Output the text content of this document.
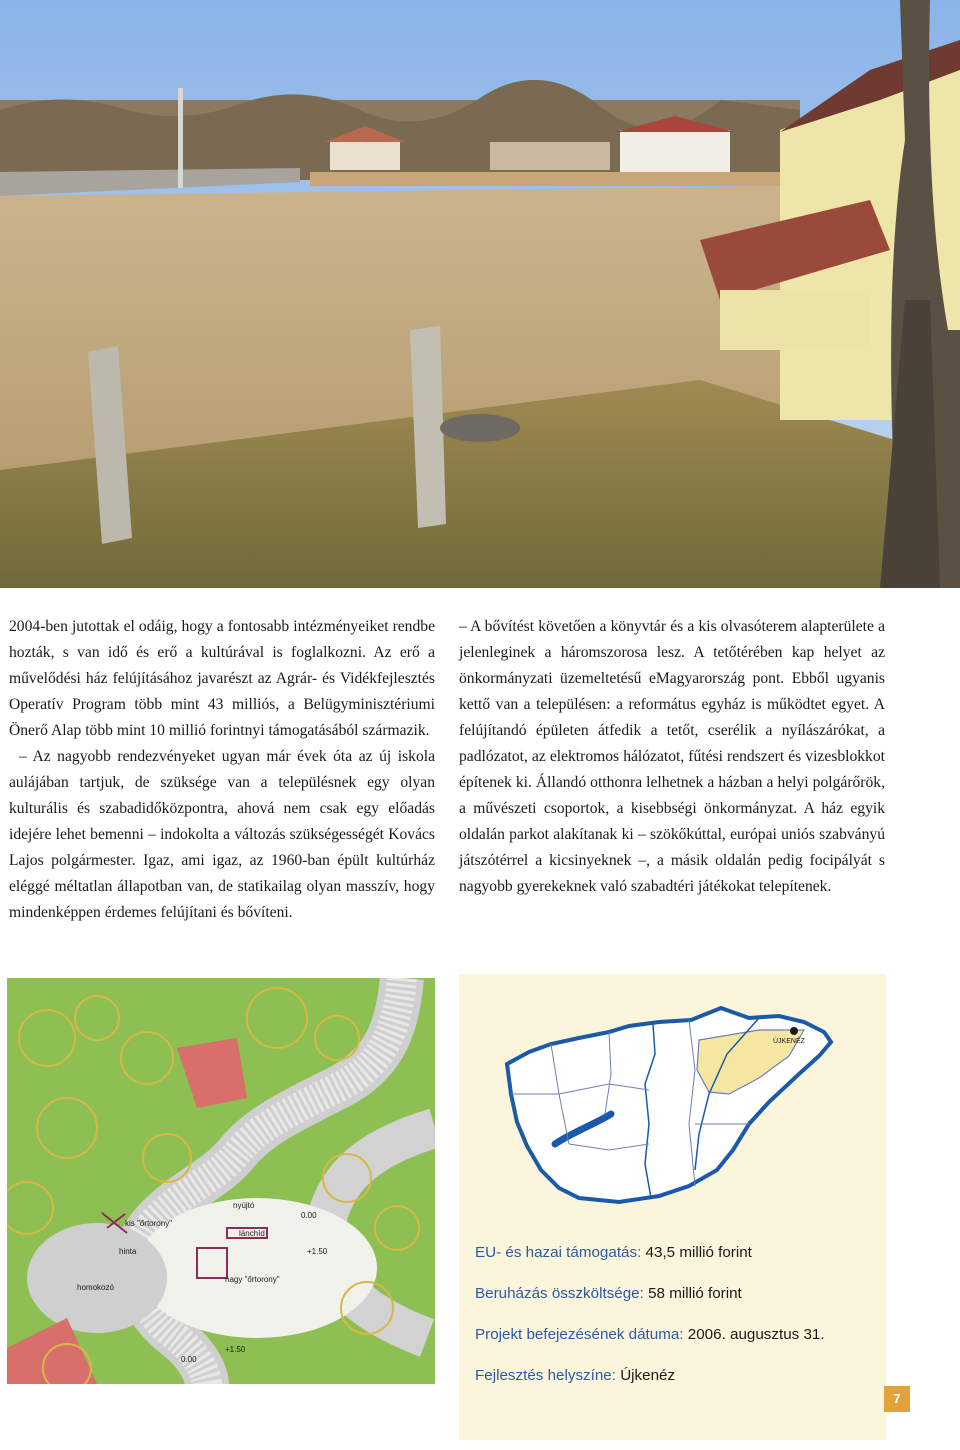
2004-ben jutottak el odáig, hogy a fontosabb intézményeiket rendbe hozták, s van idő és erő a kultúrával is foglalkozni. Az erő a művelődési ház felújításához javarészt az Agrár- és Vidékfejlesztés Operatív Program több mint 43 milliós, a Belügyminisztériumi Önerő Alap több mint 10 millió forintnyi támogatásából származik.

– Az nagyobb rendezvényeket ugyan már évek óta az új iskola aulájában tartjuk, de szüksége van a településnek egy olyan kulturális és szabadidőközpontra, ahová nem csak egy előadás idejére lehet bemenni – indokolta a változás szükségességét Kovács Lajos polgármester. Igaz, ami igaz, az 1960-ban épült kultúrház eléggé méltatlan állapotban van, de statikailag olyan masszív, hogy mindenképpen érdemes felújítani és bővíteni.

– A bővítést követően a könyvtár és a kis olvasóterem alapterülete a jelenleginek a háromszorosa lesz. A tetőtérében kap helyet az önkormányzati üzemeltetésű eMagyarország pont. Ebből ugyanis kettő van a településen: a református egyház is működtet egyet. A felújítandó épületen átfedik a tetőt, cserélik a nyílászárókat, a padlózatot, az elektromos hálózatot, fűtési rendszert és vizesblokkot építenek ki. Állandó otthonra lelhetnek a házban a helyi polgárőrök, a művészeti csoportok, a kisebbségi önkormányzat. A ház egyik oldalán parkot alakítanak ki – szökőkúttal, európai uniós szabványú játszótérrel a kicsinyeknek –, a másik oldalán pedig focipályát s nagyobb gyerekeknek való szabadtéri játékokat telepítenek.

kis "őrtorony"
nyújtó
lánchíd
hinta
homokozó
nagy "őrtorony"
0.00
+1.50
0.00
+1.50
ÚJKENÉZ
EU- és hazai támogatás: 43,5 millió forint
Beruházás összköltsége: 58 millió forint
Projekt befejezésének dátuma: 2006. augusztus 31.
Fejlesztés helyszíne: Újkenéz
7
